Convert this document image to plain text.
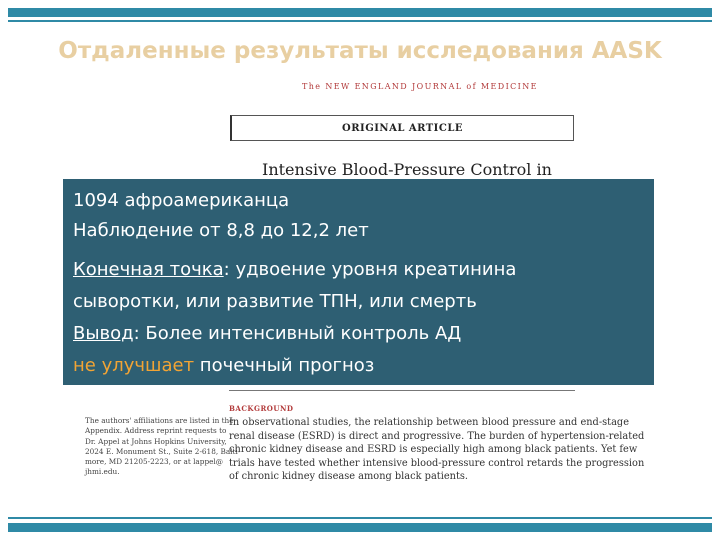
Отдаленные результаты исследования AASK
The NEW ENGLAND JOURNAL of MEDICINE
ORIGINAL ARTICLE
Intensive Blood-Pressure Control in
1094 афроамериканца
Наблюдение от 8,8 до 12,2 лет
Конечная точка: удвоение уровня креатинина
сыворотки, или развитие ТПН, или смерть
Вывод: Более интенсивный контроль АД
не улучшает почечный прогноз
BACKGROUND
In observational studies, the relationship between blood pressure and end-stage
renal disease (ESRD) is direct and progressive. The burden of hypertension-related
chronic kidney disease and ESRD is especially high among black patients. Yet few
trials have tested whether intensive blood-pressure control retards the progression
of chronic kidney disease among black patients.
The authors' affiliations are listed in the
Appendix. Address reprint requests to
Dr. Appel at Johns Hopkins University,
2024 E. Monument St., Suite 2-618, Balti-
more, MD 21205-2223, or at lappel@
jhmi.edu.
